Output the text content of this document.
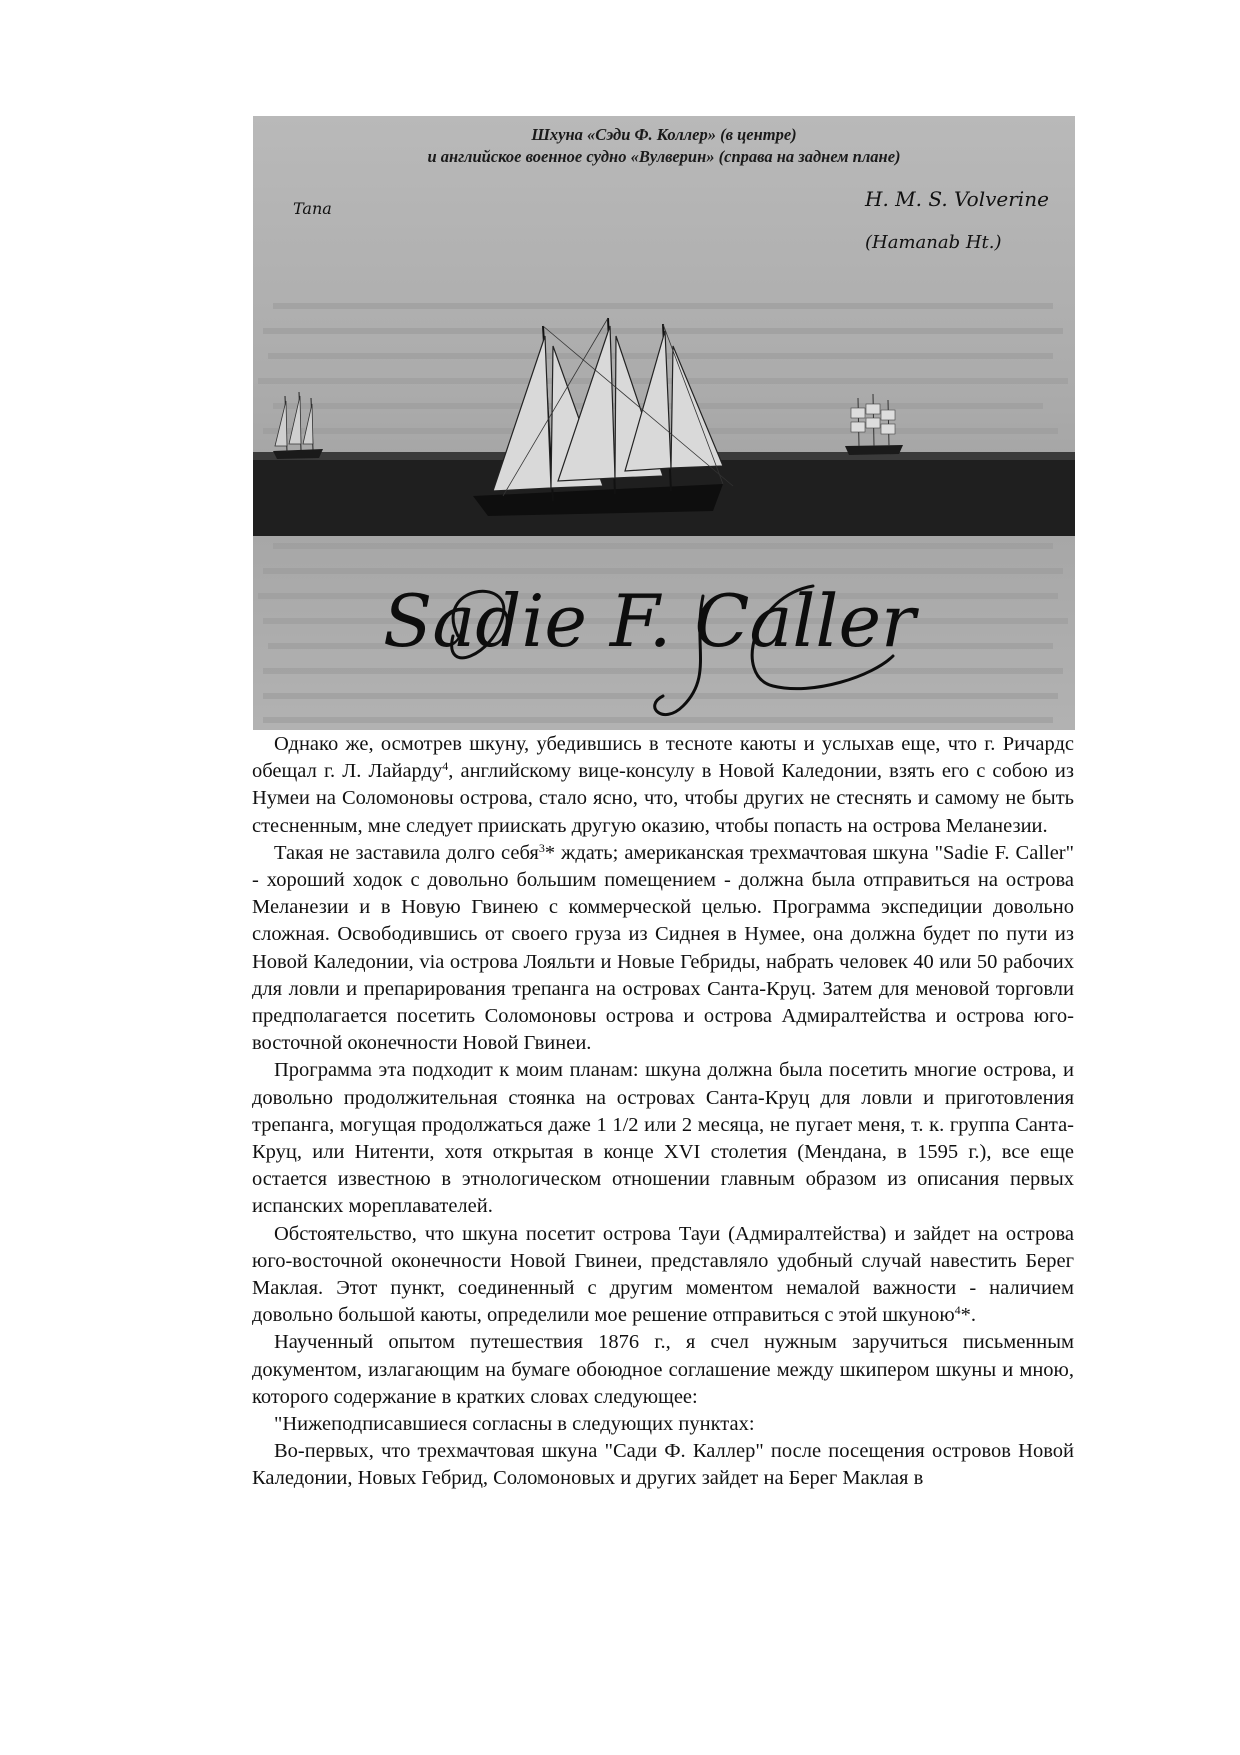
Tana	H. M. S. Volverine
(Hamanab Ht.)
Sadie F. Caller
Шхуна «Сэди Ф. Коллер» (в центре)
и английское военное судно «Вулверин» (справа на заднем плане)

Однако же, осмотрев шкуну, убедившись в тесноте каюты и услыхав еще, что г. Ричардс обещал г. Л. Лайарду$^4$, английскому вице-консулу в Новой Каледонии, взять его с собою из Нумеи на Соломоновы острова, стало ясно, что, чтобы других не стеснять и самому не быть стесненным, мне следует приискать другую оказию, чтобы попасть на острова Меланезии.

Такая не заставила долго себя$^3$* ждать; американская трехмачтовая шкуна "Sadie F. Caller" - хороший ходок с довольно большим помещением - должна была отправиться на острова Меланезии и в Новую Гвинею с коммерческой целью. Программа экспедиции довольно сложная. Освободившись от своего груза из Сиднея в Нумее, она должна будет по пути из Новой Каледонии, via острова Лояльти и Новые Гебриды, набрать человек 40 или 50 рабочих для ловли и препарирования трепанга на островах Санта-Круц. Затем для меновой торговли предполагается посетить Соломоновы острова и острова Адмиралтейства и острова юго-восточной оконечности Новой Гвинеи.

Программа эта подходит к моим планам: шкуна должна была посетить многие острова, и довольно продолжительная стоянка на островах Санта-Круц для ловли и приготовления трепанга, могущая продолжаться даже 1 1/2 или 2 месяца, не пугает меня, т. к. группа Санта-Круц, или Нитенти, хотя открытая в конце XVI столетия (Мендана, в 1595 г.), все еще остается известною в этнологическом отношении главным образом из описания первых испанских мореплавателей.

Обстоятельство, что шкуна посетит острова Тауи (Адмиралтейства) и зайдет на острова юго-восточной оконечности Новой Гвинеи, представляло удобный случай навестить Берег Маклая. Этот пункт, соединенный с другим моментом немалой важности - наличием довольно большой каюты, определили мое решение отправиться с этой шкуною$^4$*.

Наученный опытом путешествия 1876 г., я счел нужным заручиться письменным документом, излагающим на бумаге обоюдное соглашение между шкипером шкуны и мною, которого содержание в кратких словах следующее:

"Нижеподписавшиеся согласны в следующих пунктах:

Во-первых, что трехмачтовая шкуна "Сади Ф. Каллер" после посещения островов Новой Каледонии, Новых Гебрид, Соломоновых и других зайдет на Берег Маклая в
